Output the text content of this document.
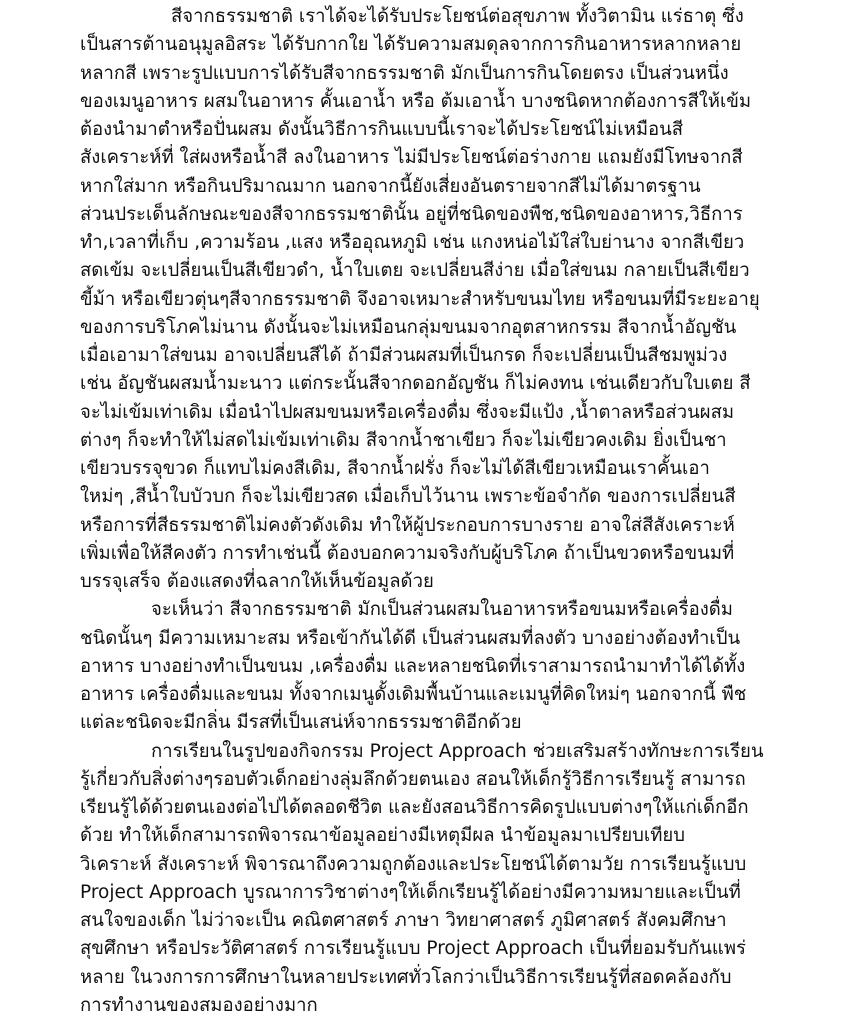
สีจากธรรมชาติ เราได้จะได้รับประโยชน์ต่อสุขภาพ ทั้งวิตามิน แร่ธาตุ ซึ่ง
เป็นสารต้านอนุมูลอิสระ ได้รับกากใย ได้รับความสมดุลจากการกินอาหารหลากหลาย
หลากสี เพราะรูปแบบการได้รับสีจากธรรมชาติ มักเป็นการกินโดยตรง เป็นส่วนหนึ่ง
ของเมนูอาหาร ผสมในอาหาร คั้นเอาน้ำ หรือ ต้มเอาน้ำ บางชนิดหากต้องการสีให้เข้ม
ต้องนำมาตำหรือปั่นผสม ดังนั้นวิธีการกินแบบนี้เราจะได้ประโยชน์ไม่เหมือนสี
สังเคราะห์ที่ ใส่ผงหรือน้ำสี ลงในอาหาร ไม่มีประโยชน์ต่อร่างกาย แถมยังมีโทษจากสี
หากใส่มาก หรือกินปริมาณมาก นอกจากนี้ยังเสี่ยงอันตรายจากสีไม่ได้มาตรฐาน
ส่วนประเด็นลักษณะของสีจากธรรมชาตินั้น อยู่ที่ชนิดของพืช,ชนิดของอาหาร,วิธีการ
ทำ,เวลาที่เก็บ ,ความร้อน ,แสง หรืออุณหภูมิ เช่น แกงหน่อไม้ใส่ใบย่านาง จากสีเขียว
สดเข้ม จะเปลี่ยนเป็นสีเขียวดำ, น้ำใบเตย จะเปลี่ยนสีง่าย เมื่อใส่ขนม กลายเป็นสีเขียว
ขี้ม้า หรือเขียวตุ่นๆสีจากธรรมชาติ จึงอาจเหมาะสำหรับขนมไทย หรือขนมที่มีระยะอายุ
ของการบริโภคไม่นาน ดังนั้นจะไม่เหมือนกลุ่มขนมจากอุตสาหกรรม สีจากน้ำอัญชัน
เมื่อเอามาใส่ขนม อาจเปลี่ยนสีได้ ถ้ามีส่วนผสมที่เป็นกรด ก็จะเปลี่ยนเป็นสีชมพูม่วง
เช่น อัญชันผสมน้ำมะนาว แต่กระนั้นสีจากดอกอัญชัน ก็ไม่คงทน เช่นเดียวกับใบเตย สี
จะไม่เข้มเท่าเดิม เมื่อนำไปผสมขนมหรือเครื่องดื่ม ซึ่งจะมีแป้ง ,น้ำตาลหรือส่วนผสม
ต่างๆ ก็จะทำให้ไม่สดไม่เข้มเท่าเดิม สีจากน้ำชาเขียว ก็จะไม่เขียวคงเดิม ยิ่งเป็นชา
เขียวบรรจุขวด ก็แทบไม่คงสีเดิม, สีจากน้ำฝรั่ง ก็จะไม่ได้สีเขียวเหมือนเราคั้นเอา
ใหม่ๆ ,สีน้ำใบบัวบก ก็จะไม่เขียวสด เมื่อเก็บไว้นาน เพราะข้อจำกัด ของการเปลี่ยนสี
หรือการที่สีธรรมชาติไม่คงตัวดังเดิม ทำให้ผู้ประกอบการบางราย อาจใส่สีสังเคราะห์
เพิ่มเพื่อให้สีคงตัว การทำเช่นนี้ ต้องบอกความจริงกับผู้บริโภค ถ้าเป็นขวดหรือขนมที่
บรรจุเสร็จ ต้องแสดงที่ฉลากให้เห็นข้อมูลด้วย
จะเห็นว่า สีจากธรรมชาติ มักเป็นส่วนผสมในอาหารหรือขนมหรือเครื่องดื่ม
ชนิดนั้นๆ มีความเหมาะสม หรือเข้ากันได้ดี เป็นส่วนผสมที่ลงตัว บางอย่างต้องทำเป็น
อาหาร บางอย่างทำเป็นขนม ,เครื่องดื่ม และหลายชนิดที่เราสามารถนำมาทำได้ได้ทั้ง
อาหาร เครื่องดื่มและขนม ทั้งจากเมนูดั้งเดิมพื้นบ้านและเมนูที่คิดใหม่ๆ นอกจากนี้ พืช
แต่ละชนิดจะมีกลิ่น มีรสที่เป็นเสน่ห์จากธรรมชาติอีกด้วย
การเรียนในรูปของกิจกรรม Project Approach ช่วยเสริมสร้างทักษะการเรียน
รู้เกี่ยวกับสิ่งต่างๆรอบตัวเด็กอย่างลุ่มลึกด้วยตนเอง สอนให้เด็กรู้วิธีการเรียนรู้ สามารถ
เรียนรู้ได้ด้วยตนเองต่อไปได้ตลอดชีวิต และยังสอนวิธีการคิดรูปแบบต่างๆให้แก่เด็กอีก
ด้วย ทำให้เด็กสามารถพิจารณาข้อมูลอย่างมีเหตุมีผล นำข้อมูลมาเปรียบเทียบ
วิเคราะห์ สังเคราะห์ พิจารณาถึงความถูกต้องและประโยชน์ได้ตามวัย การเรียนรู้แบบ
Project Approach บูรณาการวิชาต่างๆให้เด็กเรียนรู้ได้อย่างมีความหมายและเป็นที่
สนใจของเด็ก ไม่ว่าจะเป็น คณิตศาสตร์ ภาษา วิทยาศาสตร์ ภูมิศาสตร์ สังคมศึกษา
สุขศึกษา หรือประวัติศาสตร์ การเรียนรู้แบบ Project Approach เป็นที่ยอมรับกันแพร่
หลาย ในวงการการศึกษาในหลายประเทศทั่วโลกว่าเป็นวิธีการเรียนรู้ที่สอดคล้องกับ
การทำงานของสมองอย่างมาก
